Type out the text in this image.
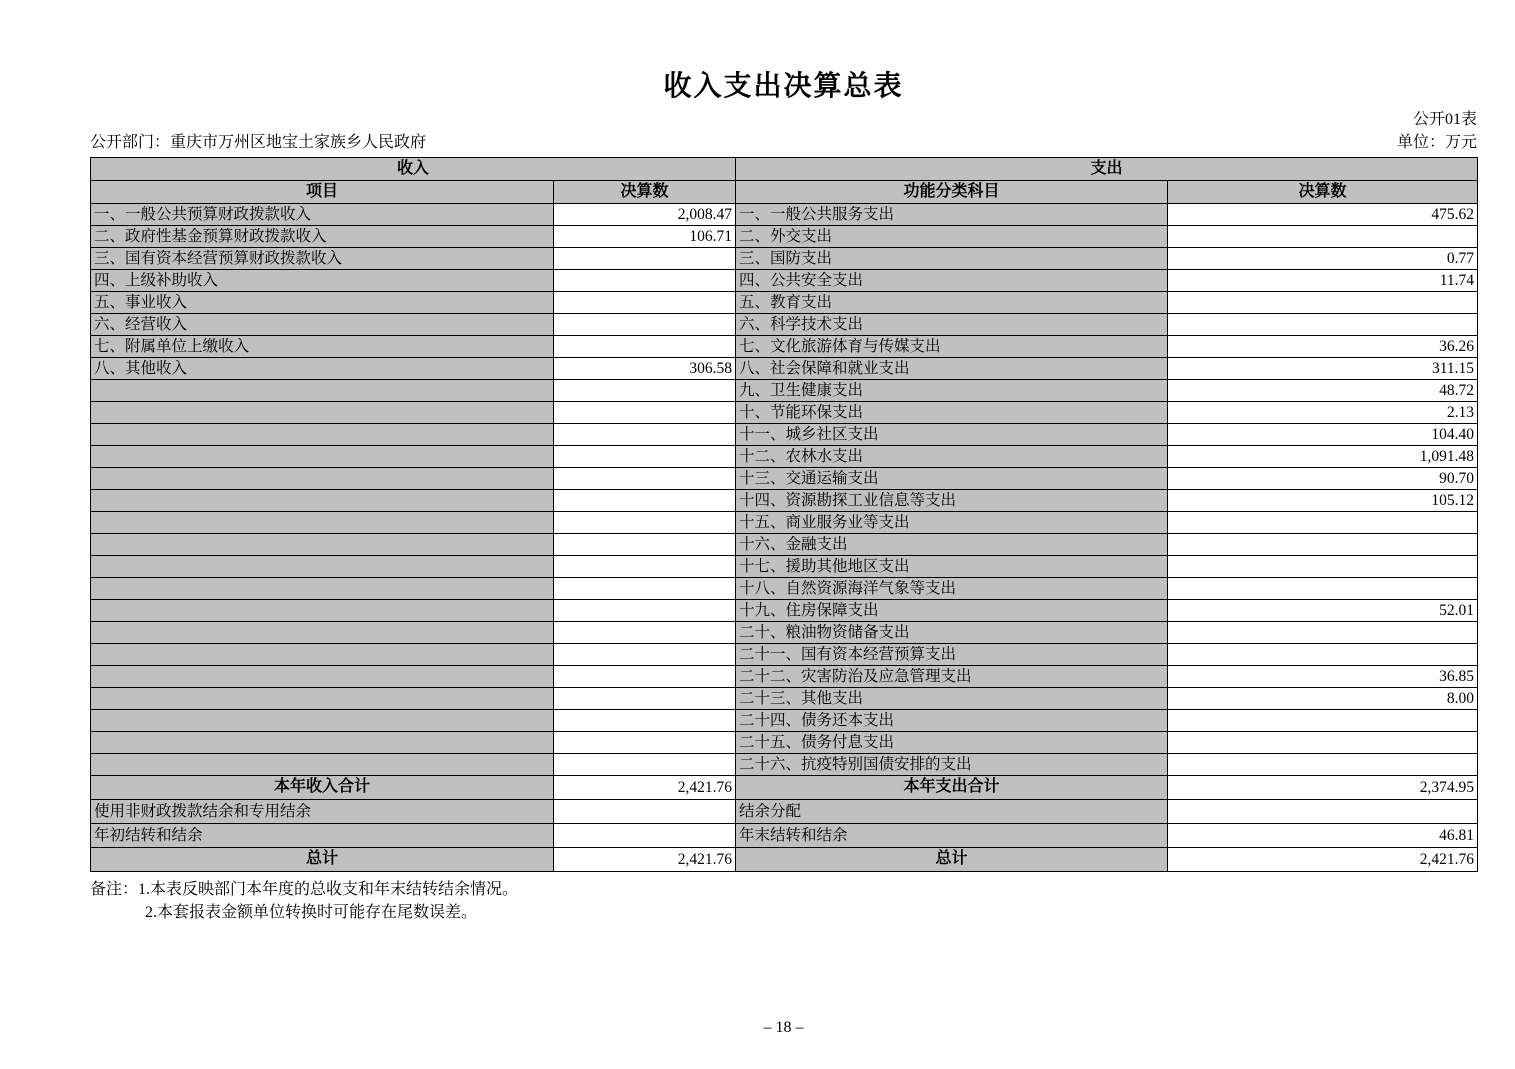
收入支出决算总表
公开01表
公开部门：重庆市万州区地宝土家族乡人民政府	单位：万元
收入		支出	
项目	决算数	功能分类科目	决算数
一、一般公共预算财政拨款收入	2,008.47	一、一般公共服务支出	475.62
二、政府性基金预算财政拨款收入	106.71	二、外交支出	
三、国有资本经营预算财政拨款收入		三、国防支出	0.77
四、上级补助收入		四、公共安全支出	11.74
五、事业收入		五、教育支出	
六、经营收入		六、科学技术支出	
七、附属单位上缴收入		七、文化旅游体育与传媒支出	36.26
八、其他收入	306.58	八、社会保障和就业支出	311.15
		九、卫生健康支出	48.72
		十、节能环保支出	2.13
		十一、城乡社区支出	104.40
		十二、农林水支出	1,091.48
		十三、交通运输支出	90.70
		十四、资源勘探工业信息等支出	105.12
		十五、商业服务业等支出	
		十六、金融支出	
		十七、援助其他地区支出	
		十八、自然资源海洋气象等支出	
		十九、住房保障支出	52.01
		二十、粮油物资储备支出	
		二十一、国有资本经营预算支出	
		二十二、灾害防治及应急管理支出	36.85
		二十三、其他支出	8.00
		二十四、债务还本支出	
		二十五、债务付息支出	
		二十六、抗疫特别国债安排的支出	
本年收入合计	2,421.76	本年支出合计	2,374.95
使用非财政拨款结余和专用结余		结余分配	
年初结转和结余		年末结转和结余	46.81
总计	2,421.76	总计	2,421.76
备注：1.本表反映部门本年度的总收支和年末结转结余情况。
2.本套报表金额单位转换时可能存在尾数误差。
– 18 –
